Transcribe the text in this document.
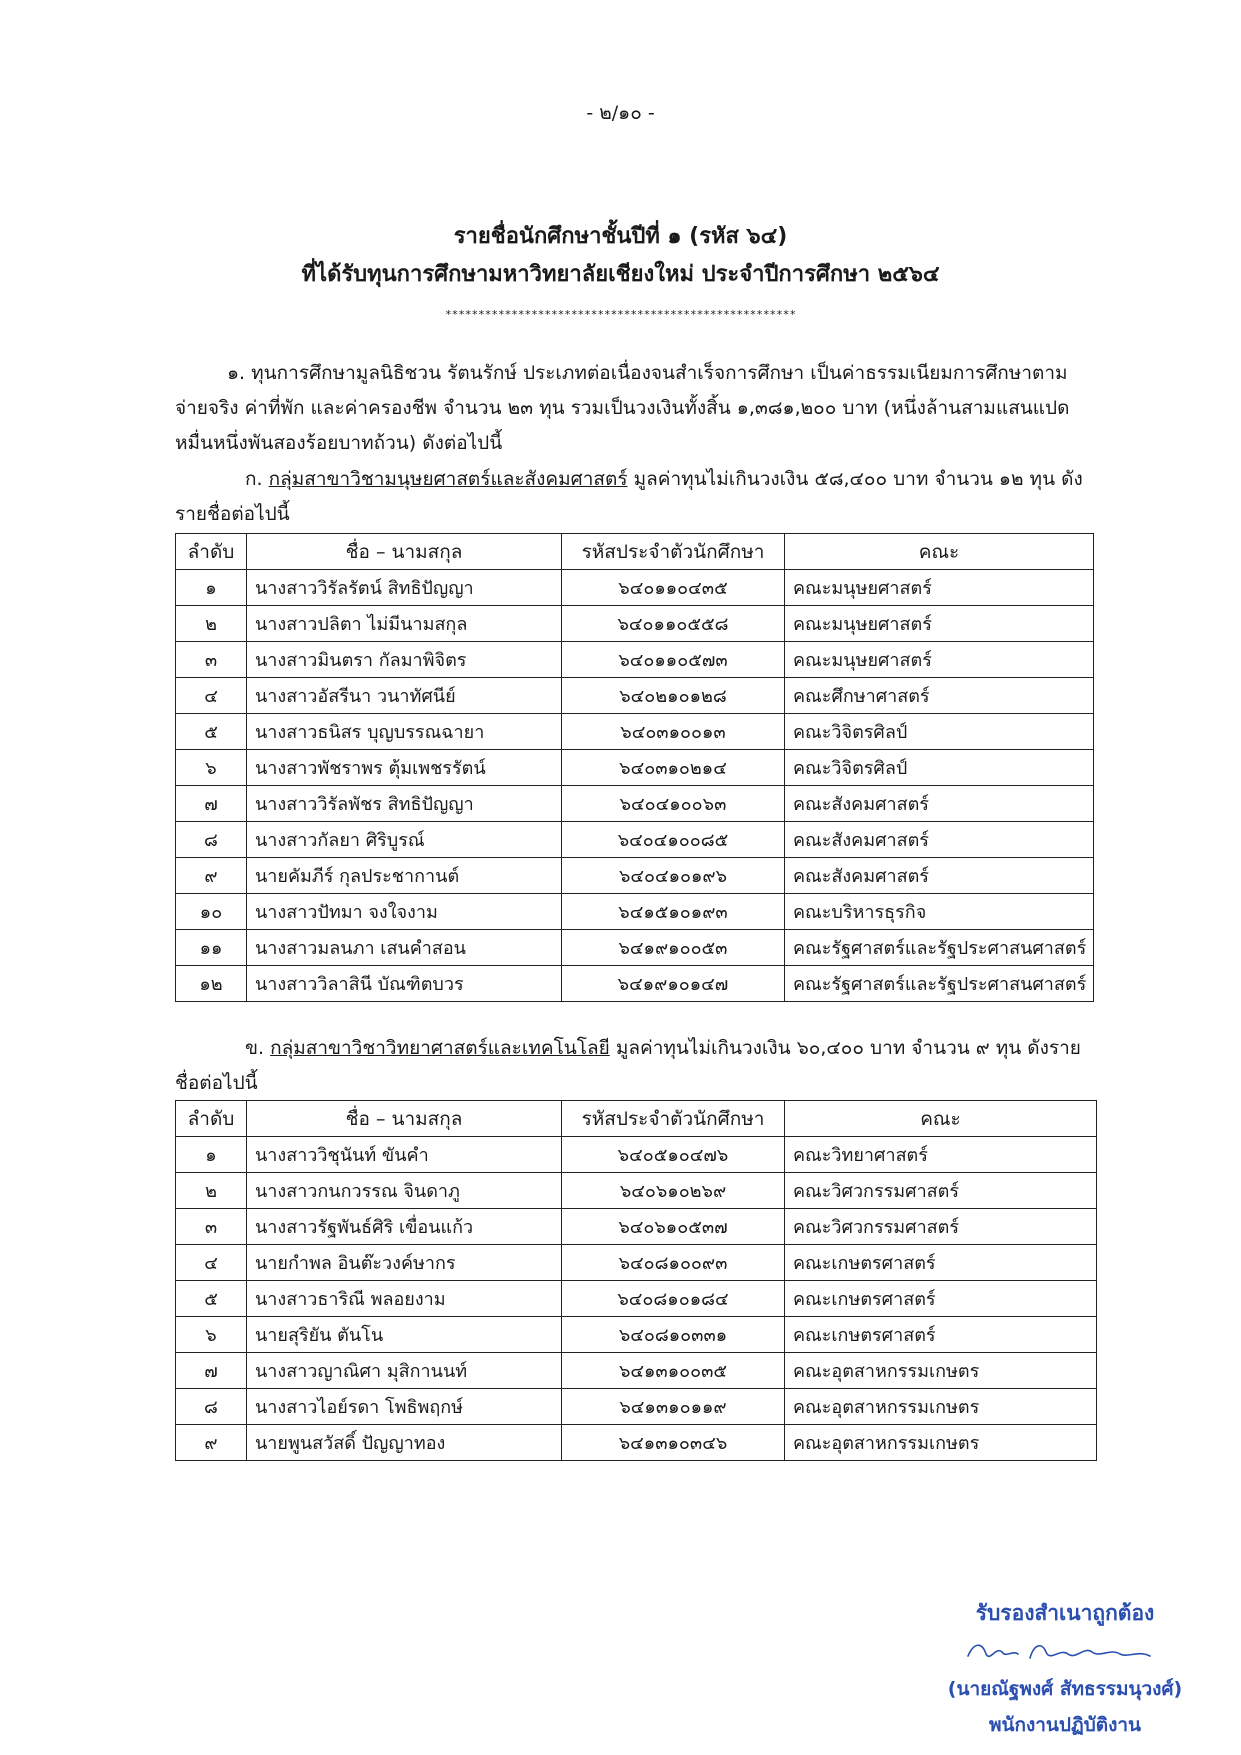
- ๒/๑๐ -
รายชื่อนักศึกษาชั้นปีที่ ๑ (รหัส ๖๔)
ที่ได้รับทุนการศึกษามหาวิทยาลัยเชียงใหม่ ประจำปีการศึกษา ๒๕๖๔
*****************************************************
๑. ทุนการศึกษามูลนิธิชวน รัตนรักษ์ ประเภทต่อเนื่องจนสำเร็จการศึกษา เป็นค่าธรรมเนียมการศึกษาตามจ่ายจริง ค่าที่พัก และค่าครองชีพ จำนวน ๒๓ ทุน รวมเป็นวงเงินทั้งสิ้น ๑,๓๘๑,๒๐๐ บาท (หนึ่งล้านสามแสนแปดหมื่นหนึ่งพันสองร้อยบาทถ้วน) ดังต่อไปนี้
ก. กลุ่มสาขาวิชามนุษยศาสตร์และสังคมศาสตร์ มูลค่าทุนไม่เกินวงเงิน ๕๘,๔๐๐ บาท จำนวน ๑๒ ทุน ดังรายชื่อต่อไปนี้
ลำดับ	ชื่อ – นามสกุล	รหัสประจำตัวนักศึกษา	คณะ
๑	นางสาววิรัลรัตน์ สิทธิปัญญา	๖๔๐๑๑๐๔๓๕	คณะมนุษยศาสตร์
๒	นางสาวปลิตา ไม่มีนามสกุล	๖๔๐๑๑๐๕๕๘	คณะมนุษยศาสตร์
๓	นางสาวมินตรา กัลมาพิจิตร	๖๔๐๑๑๐๕๗๓	คณะมนุษยศาสตร์
๔	นางสาวอัสรีนา วนาทัศนีย์	๖๔๐๒๑๐๑๒๘	คณะศึกษาศาสตร์
๕	นางสาวธนิสร บุญบรรณฉายา	๖๔๐๓๑๐๐๑๓	คณะวิจิตรศิลป์
๖	นางสาวพัชราพร ตุ้มเพชรรัตน์	๖๔๐๓๑๐๒๑๔	คณะวิจิตรศิลป์
๗	นางสาววิรัลพัชร สิทธิปัญญา	๖๔๐๔๑๐๐๖๓	คณะสังคมศาสตร์
๘	นางสาวกัลยา ศิริบูรณ์	๖๔๐๔๑๐๐๘๕	คณะสังคมศาสตร์
๙	นายคัมภีร์ กุลประชากานต์	๖๔๐๔๑๐๑๙๖	คณะสังคมศาสตร์
๑๐	นางสาวปัทมา จงใจงาม	๖๔๑๕๑๐๑๙๓	คณะบริหารธุรกิจ
๑๑	นางสาวมลนภา เสนคำสอน	๖๔๑๙๑๐๐๕๓	คณะรัฐศาสตร์และรัฐประศาสนศาสตร์
๑๒	นางสาววิลาสินี บัณฑิตบวร	๖๔๑๙๑๐๑๔๗	คณะรัฐศาสตร์และรัฐประศาสนศาสตร์
ข. กลุ่มสาขาวิชาวิทยาศาสตร์และเทคโนโลยี มูลค่าทุนไม่เกินวงเงิน ๖๐,๔๐๐ บาท จำนวน ๙ ทุน ดังรายชื่อต่อไปนี้
ลำดับ	ชื่อ – นามสกุล	รหัสประจำตัวนักศึกษา	คณะ
๑	นางสาววิชุนันท์ ขันคำ	๖๔๐๕๑๐๔๗๖	คณะวิทยาศาสตร์
๒	นางสาวกนกวรรณ จินดาภู	๖๔๐๖๑๐๒๖๙	คณะวิศวกรรมศาสตร์
๓	นางสาวรัฐพันธ์ศิริ เขื่อนแก้ว	๖๔๐๖๑๐๕๓๗	คณะวิศวกรรมศาสตร์
๔	นายกำพล อินต๊ะวงค์ษากร	๖๔๐๘๑๐๐๙๓	คณะเกษตรศาสตร์
๕	นางสาวธาริณี พลอยงาม	๖๔๐๘๑๐๑๘๔	คณะเกษตรศาสตร์
๖	นายสุริยัน ตันโน	๖๔๐๘๑๐๓๓๑	คณะเกษตรศาสตร์
๗	นางสาวญาณิศา มุสิกานนท์	๖๔๑๓๑๐๐๓๕	คณะอุตสาหกรรมเกษตร
๘	นางสาวไอย์รดา โพธิพฤกษ์	๖๔๑๓๑๐๑๑๙	คณะอุตสาหกรรมเกษตร
๙	นายพูนสวัสดิ์ ปัญญาทอง	๖๔๑๓๑๐๓๔๖	คณะอุตสาหกรรมเกษตร
รับรองสำเนาถูกต้อง
(นายณัฐพงศ์ สัทธรรมนุวงศ์)
พนักงานปฏิบัติงาน
